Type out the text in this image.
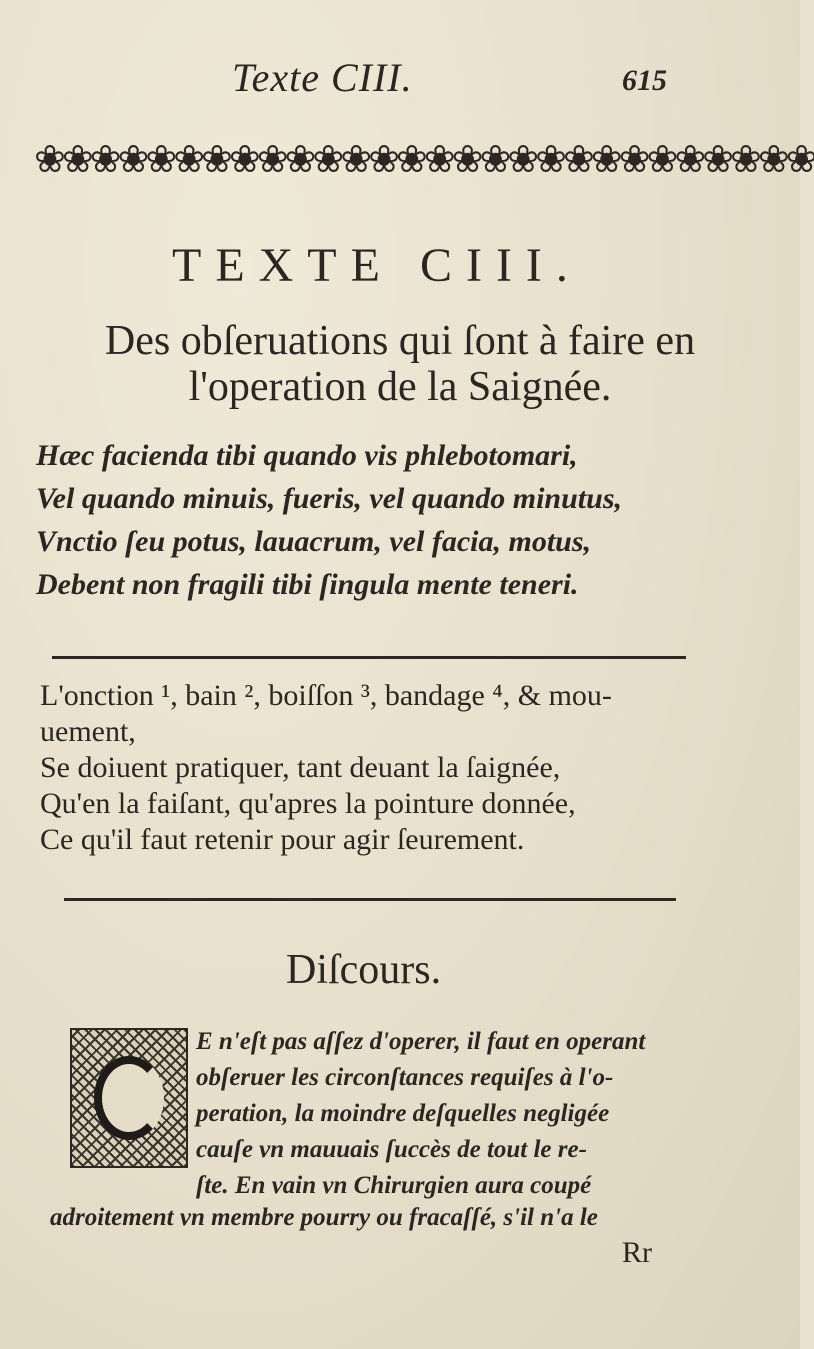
Texte CIII.	615
❀❀❀❀❀❀❀❀❀❀❀❀❀❀❀❀❀❀❀❀❀❀❀❀❀❀❀❀
TEXTE CIII.
Des obſeruations qui ſont à faire en
l'operation de la Saignée.
Hæc facienda tibi quando vis phlebotomari,
Vel quando minuis, fueris, vel quando minutus,
Vnctio ſeu potus, lauacrum, vel facia, motus,
Debent non fragili tibi ſingula mente teneri.
L'onction ¹, bain ², boiſſon ³, bandage ⁴, & mou-
uement,
Se doiuent pratiquer, tant deuant la ſaignée,
Qu'en la faiſant, qu'apres la pointure donnée,
Ce qu'il faut retenir pour agir ſeurement.
Diſcours.
E n'eſt pas aſſez d'operer, il faut en operant
obſeruer les circonſtances requiſes à l'o-
peration, la moindre deſquelles negligée
cauſe vn mauuais ſuccès de tout le re-
ſte. En vain vn Chirurgien aura coupé
adroitement vn membre pourry ou fracaſſé, s'il n'a le
Rr
